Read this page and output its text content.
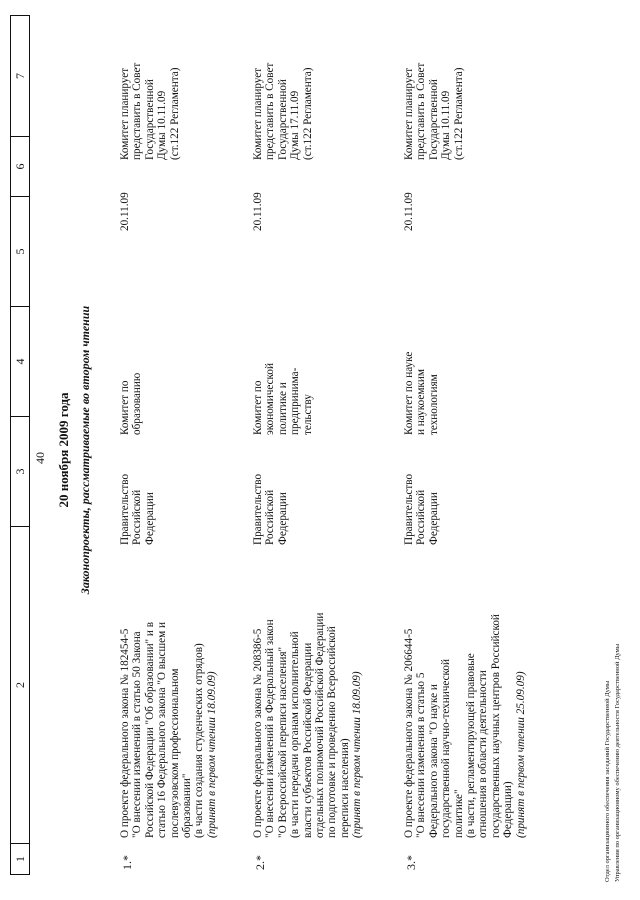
40
1
2
3
4
5
6
7
20 ноября 2009 года Законопроекты, рассматриваемые во втором чтении
1.*
О проекте федерального закона № 182454-5 "О внесении изменений в статью 50 Закона Российской Федерации "Об образовании" и в статью 16 Федерального закона "О высшем и послевузовском профессиональном образовании" (в части создания студенческих отрядов) (принят в первом чтении 18.09.09)
Правительство Российской Федерации
Комитет по образованию
20.11.09
Комитет планирует представить в Совет Государственной Думы 10.11.09 (ст.122 Регламента)
2.*
О проекте федерального закона № 208386-5 "О внесении изменений в Федеральный закон "О Всероссийской переписи населения" (в части передачи органам исполнительной власти субъектов Российской Федерации отдельных полномочий Российской Федерации по подготовке и проведению Всероссийской переписи населения) (принят в первом чтении 18.09.09)
Правительство Российской Федерации
Комитет по экономической политике и предпринима- тельству
20.11.09
Комитет планирует представить в Совет Государственной Думы 17.11.09 (ст.122 Регламента)
3.*
О проекте федерального закона № 206644-5 "О внесении изменения в статью 5 Федерального закона "О науке и государственной научно-технической политике" (в части, регламентирующей правовые отношения в области деятельности государственных научных центров Российской Федерации) (принят в первом чтении 25.09.09)
Правительство Российской Федерации
Комитет по науке и наукоемким технологиям
20.11.09
Комитет планирует представить в Совет Государственной Думы 10.11.09 (ст.122 Регламента)
Отдел организационного обеспечения заседаний Государственной Думы Управления по организационному обеспечению деятельности Государственной Думы
